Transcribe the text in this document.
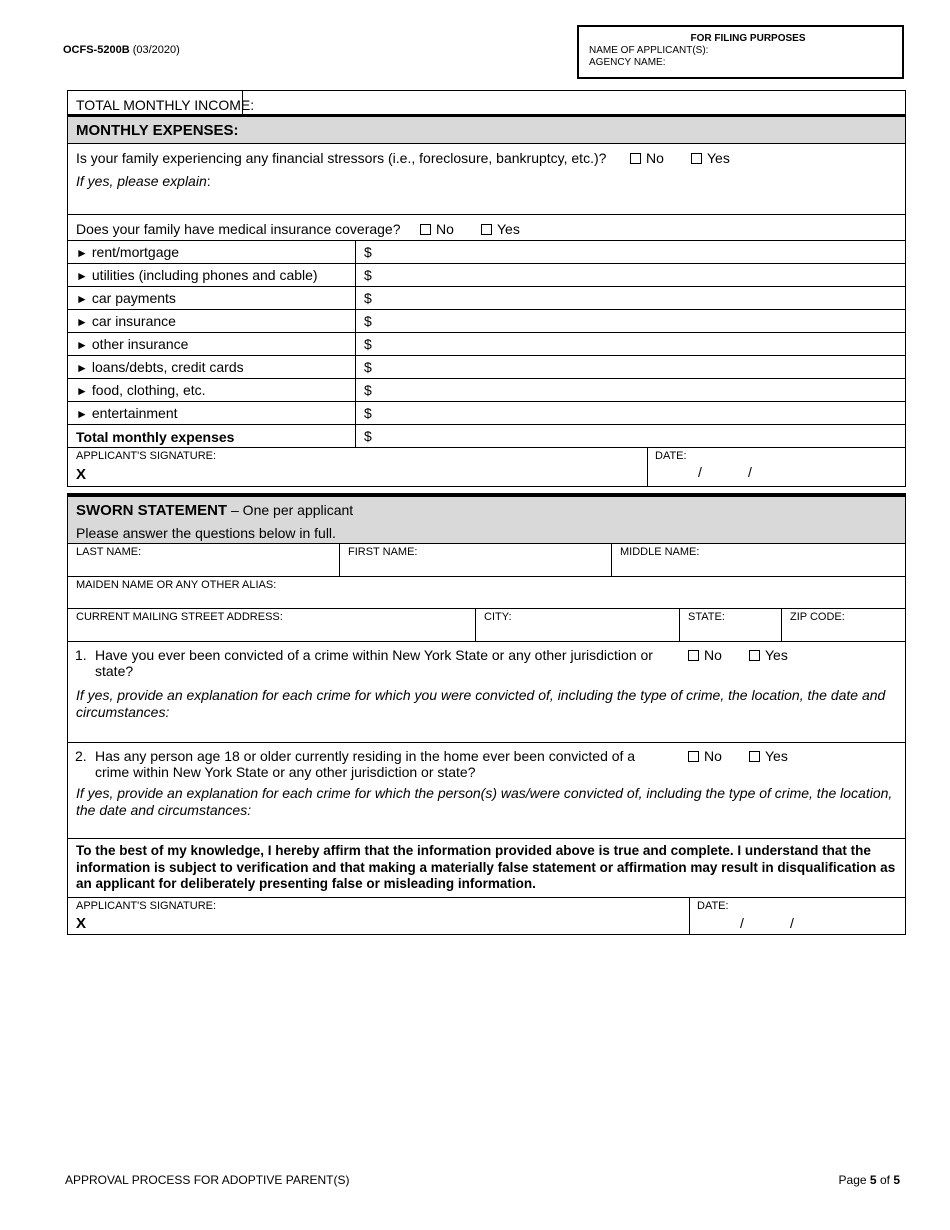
OCFS-5200B (03/2020)
FOR FILING PURPOSES
NAME OF APPLICANT(S):
AGENCY NAME:
TOTAL MONTHLY INCOME:
MONTHLY EXPENSES:
Is your family experiencing any financial stressors (i.e., foreclosure, bankruptcy, etc.)?	No	Yes
If yes, please explain:
Does your family have medical insurance coverage?	No	Yes
► rent/mortgage	$
► utilities (including phones and cable)	$
► car payments	$
► car insurance	$
► other insurance	$
► loans/debts, credit cards	$
► food, clothing, etc.	$
► entertainment	$
Total monthly expenses	$
APPLICANT'S SIGNATURE:
X
DATE:
/	/
SWORN STATEMENT – One per applicant
Please answer the questions below in full.
LAST NAME:	FIRST NAME:	MIDDLE NAME:
MAIDEN NAME OR ANY OTHER ALIAS:
CURRENT MAILING STREET ADDRESS:	CITY:	STATE:	ZIP CODE:
1. Have you ever been convicted of a crime within New York State or any other jurisdiction or
state?
No	Yes
If yes, provide an explanation for each crime for which you were convicted of, including the type of crime, the location, the date and circumstances:
2. Has any person age 18 or older currently residing in the home ever been convicted of a
crime within New York State or any other jurisdiction or state?
No	Yes
If yes, provide an explanation for each crime for which the person(s) was/were convicted of, including the type of crime, the location, the date and circumstances:
To the best of my knowledge, I hereby affirm that the information provided above is true and complete. I understand that the information is subject to verification and that making a materially false statement or affirmation may result in disqualification as an applicant for deliberately presenting false or misleading information.
APPLICANT'S SIGNATURE:
X
DATE:
/	/
APPROVAL PROCESS FOR ADOPTIVE PARENT(S)	Page 5 of 5
